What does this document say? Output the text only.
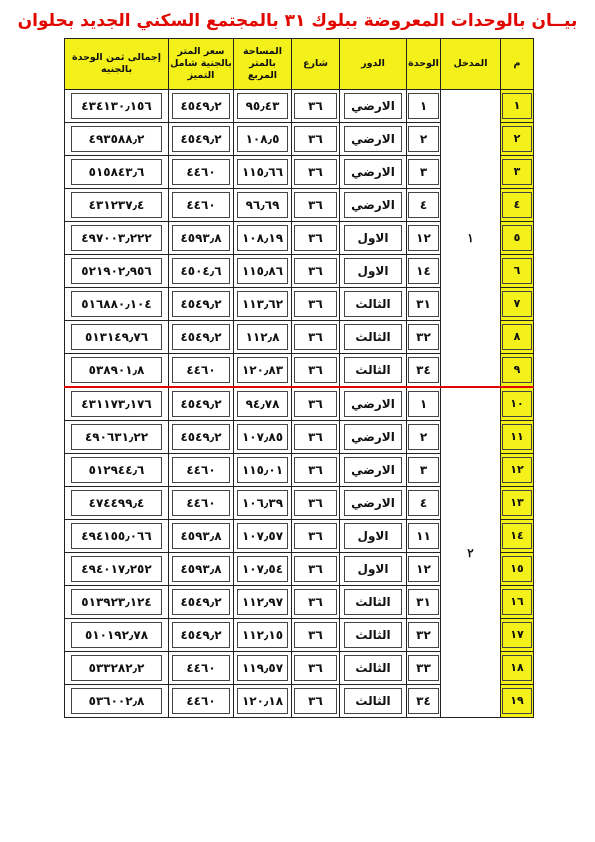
بيــان بالوحدات المعروضة ببلوك ٣١ بالمجتمع السكني الجديد بحلوان
م	المدخل	الوحدة	الدور	شارع	المساحة بالمتر المربع	سعر المتر بالجنية شامل التميز	إجمالى ثمن الوحدة بالجنيه

١	١	١	الارضي	٣٦	٩٥٫٤٣	٤٥٤٩٫٢	٤٣٤١٣٠٫١٥٦

٢		٢	الارضي	٣٦	١٠٨٫٥	٤٥٤٩٫٢	٤٩٣٥٨٨٫٢

٣		٣	الارضي	٣٦	١١٥٫٦٦	٤٤٦٠	٥١٥٨٤٣٫٦

٤		٤	الارضي	٣٦	٩٦٫٦٩	٤٤٦٠	٤٣١٢٣٧٫٤

٥		١٢	الاول	٣٦	١٠٨٫١٩	٤٥٩٣٫٨	٤٩٧٠٠٣٫٢٢٢

٦		١٤	الاول	٣٦	١١٥٫٨٦	٤٥٠٤٫٦	٥٢١٩٠٢٫٩٥٦

٧		٣١	الثالث	٣٦	١١٣٫٦٢	٤٥٤٩٫٢	٥١٦٨٨٠٫١٠٤

٨		٣٢	الثالث	٣٦	١١٢٫٨	٤٥٤٩٫٢	٥١٣١٤٩٫٧٦

٩		٣٤	الثالث	٣٦	١٢٠٫٨٣	٤٤٦٠	٥٣٨٩٠١٫٨

١٠	٢	١	الارضي	٣٦	٩٤٫٧٨	٤٥٤٩٫٢	٤٣١١٧٣٫١٧٦

١١		٢	الارضي	٣٦	١٠٧٫٨٥	٤٥٤٩٫٢	٤٩٠٦٣١٫٢٢

١٢		٣	الارضي	٣٦	١١٥٫٠١	٤٤٦٠	٥١٢٩٤٤٫٦

١٣		٤	الارضي	٣٦	١٠٦٫٣٩	٤٤٦٠	٤٧٤٤٩٩٫٤

١٤		١١	الاول	٣٦	١٠٧٫٥٧	٤٥٩٣٫٨	٤٩٤١٥٥٫٠٦٦

١٥		١٢	الاول	٣٦	١٠٧٫٥٤	٤٥٩٣٫٨	٤٩٤٠١٧٫٢٥٢

١٦		٣١	الثالث	٣٦	١١٢٫٩٧	٤٥٤٩٫٢	٥١٣٩٢٣٫١٢٤

١٧		٣٢	الثالث	٣٦	١١٢٫١٥	٤٥٤٩٫٢	٥١٠١٩٢٫٧٨

١٨		٣٣	الثالث	٣٦	١١٩٫٥٧	٤٤٦٠	٥٣٣٢٨٢٫٢

١٩		٣٤	الثالث	٣٦	١٢٠٫١٨	٤٤٦٠	٥٣٦٠٠٢٫٨
